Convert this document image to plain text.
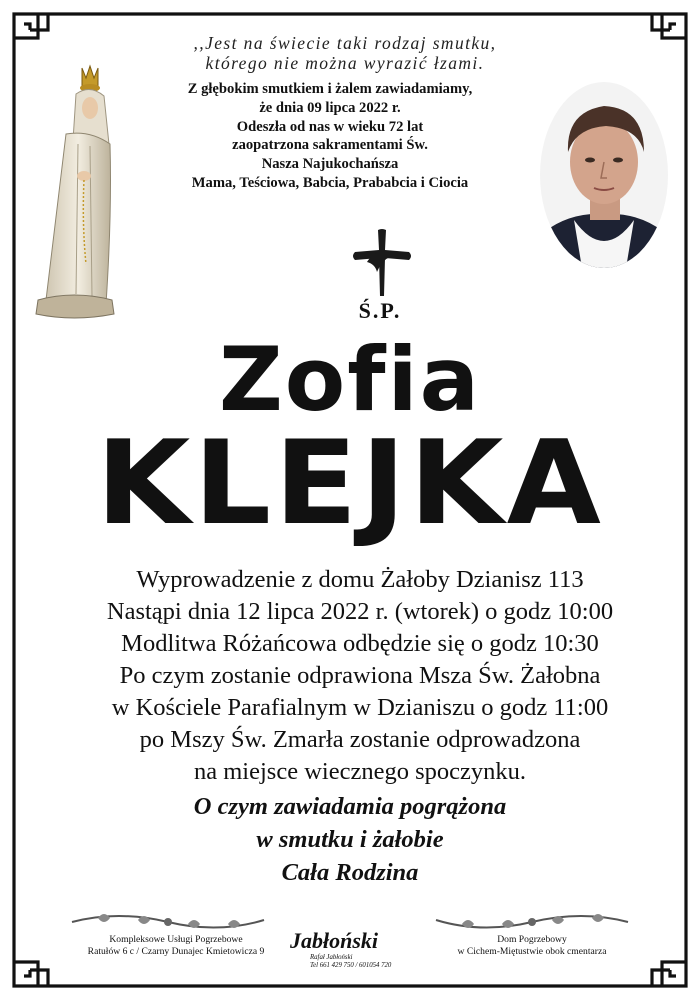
,,Jest na świecie taki rodzaj smutku,
którego nie można wyrazić łzami.
Z głębokim smutkiem i żalem zawiadamiamy,
że dnia 09 lipca 2022 r.
Odeszła od nas w wieku 72 lat
zaopatrzona sakramentami Św.
Nasza Najukochańsza
Mama, Teściowa, Babcia, Prababcia i Ciocia
Ś.P.
Zofia
KLEJKA
Wyprowadzenie z domu Żałoby Dzianisz 113
Nastąpi dnia 12 lipca 2022 r. (wtorek) o godz 10:00
Modlitwa Różańcowa odbędzie się o godz 10:30
Po czym zostanie odprawiona Msza Św. Żałobna
w Kościele Parafialnym w Dzianiszu o godz 11:00
po Mszy Św. Zmarła zostanie odprowadzona
na miejsce wiecznego spoczynku.
O czym zawiadamia pogrążona
w smutku i żałobie
Cała Rodzina
Kompleksowe Usługi Pogrzebowe
Ratułów 6 c / Czarny Dunajec Kmietowicza 9	Jabłoński
Rafał Jabłoński
Tel 661 429 750 / 601054 720
Dom Pogrzebowy
w Cichem-Miętustwie obok cmentarza
